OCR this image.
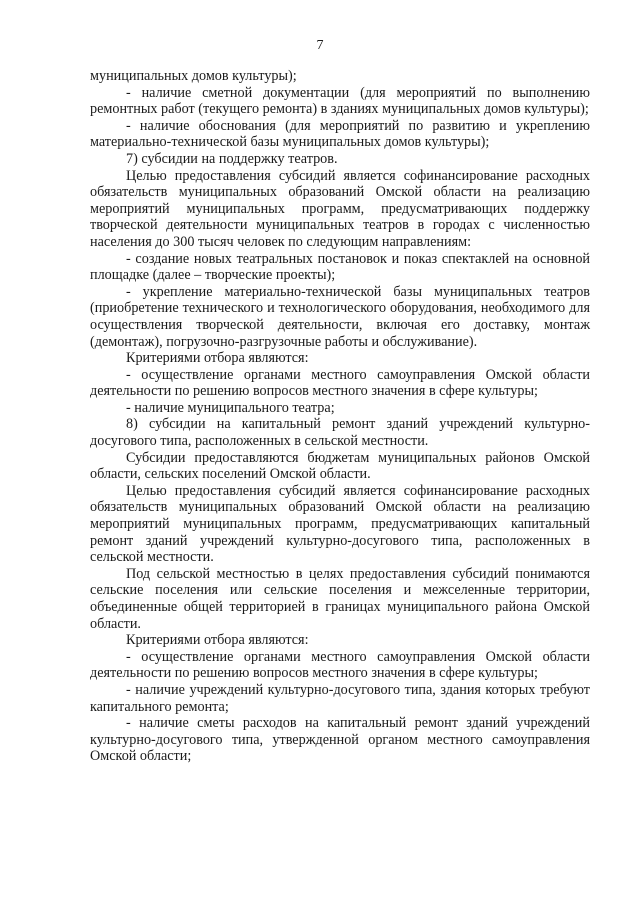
7

муниципальных домов культуры);

- наличие сметной документации (для мероприятий по выполнению ремонтных работ (текущего ремонта) в зданиях муниципальных домов культуры);

- наличие обоснования (для мероприятий по развитию и укреплению материально-технической базы муниципальных домов культуры);

7) субсидии на поддержку театров.

Целью предоставления субсидий является софинансирование расходных обязательств муниципальных образований Омской области на реализацию мероприятий муниципальных программ, предусматривающих поддержку творческой деятельности муниципальных театров в городах с численностью населения до 300 тысяч человек по следующим направлениям:

- создание новых театральных постановок и показ спектаклей на основной площадке (далее – творческие проекты);

- укрепление материально-технической базы муниципальных театров (приобретение технического и технологического оборудования, необходимого для осуществления творческой деятельности, включая его доставку, монтаж (демонтаж), погрузочно-разгрузочные работы и обслуживание).

Критериями отбора являются:

- осуществление органами местного самоуправления Омской области деятельности по решению вопросов местного значения в сфере культуры;

- наличие муниципального театра;

8) субсидии на капитальный ремонт зданий учреждений культурно-досугового типа, расположенных в сельской местности.

Субсидии предоставляются бюджетам муниципальных районов Омской области, сельских поселений Омской области.

Целью предоставления субсидий является софинансирование расходных обязательств муниципальных образований Омской области на реализацию мероприятий муниципальных программ, предусматривающих капитальный ремонт зданий учреждений культурно-досугового типа, расположенных в сельской местности.

Под сельской местностью в целях предоставления субсидий понимаются сельские поселения или сельские поселения и межселенные территории, объединенные общей территорией в границах муниципального района Омской области.

Критериями отбора являются:

- осуществление органами местного самоуправления Омской области деятельности по решению вопросов местного значения в сфере культуры;

- наличие учреждений культурно-досугового типа, здания которых требуют капитального ремонта;

- наличие сметы расходов на капитальный ремонт зданий учреждений культурно-досугового типа, утвержденной органом местного самоуправления Омской области;
